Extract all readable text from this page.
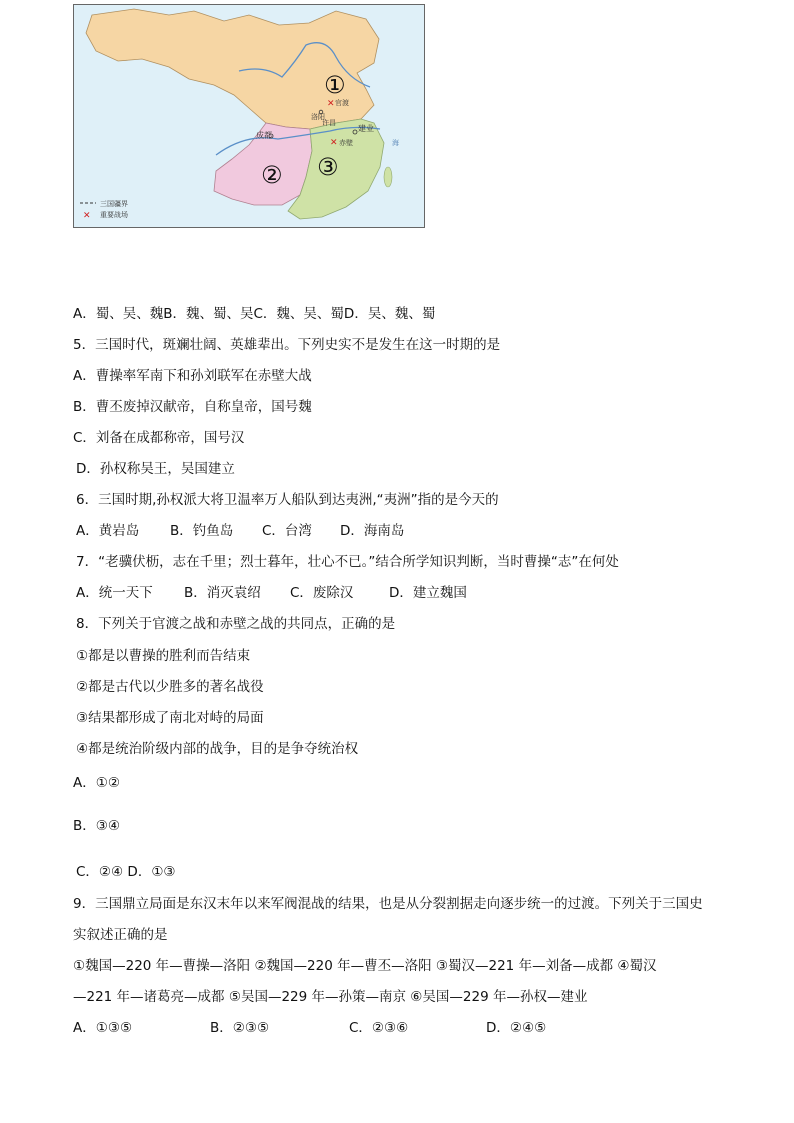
①
② ③
官渡
洛阳
许昌
成都
建业
赤壁
✕
✕	海
三国疆界
✕ 重要战场
A．蜀、吴、魏B．魏、蜀、吴C．魏、吴、蜀D．吴、魏、蜀
5．三国时代，斑斓壮阔、英雄辈出。下列史实不是发生在这一时期的是
A．曹操率军南下和孙刘联军在赤壁大战
B．曹丕废掉汉献帝，自称皇帝，国号魏
C．刘备在成都称帝，国号汉
D．孙权称吴王，吴国建立
6．三国时期,孙权派大将卫温率万人船队到达夷洲,“夷洲”指的是今天的
A．黄岩岛 B．钓鱼岛 C．台湾 D．海南岛
7．“老骥伏枥，志在千里；烈士暮年，壮心不已。”结合所学知识判断，当时曹操“志”在何处
A．统一天下 B．消灭袁绍 C．废除汉	D．建立魏国
8．下列关于官渡之战和赤壁之战的共同点，正确的是
①都是以曹操的胜利而告结束
②都是古代以少胜多的著名战役
③结果都形成了南北对峙的局面
④都是统治阶级内部的战争，目的是争夺统治权
A．①②
B．③④
C．②④ D．①③
9．三国鼎立局面是东汉末年以来军阀混战的结果，也是从分裂割据走向逐步统一的过渡。下列关于三国史
实叙述正确的是
①魏国—220 年—曹操—洛阳 ②魏国—220 年—曹丕—洛阳 ③蜀汉—221 年—刘备—成都 ④蜀汉
—221 年—诸葛亮—成都 ⑤吴国—229 年—孙策—南京 ⑥吴国—229 年—孙权—建业
A．①③⑤	B．②③⑤	C．②③⑥	D．②④⑤
